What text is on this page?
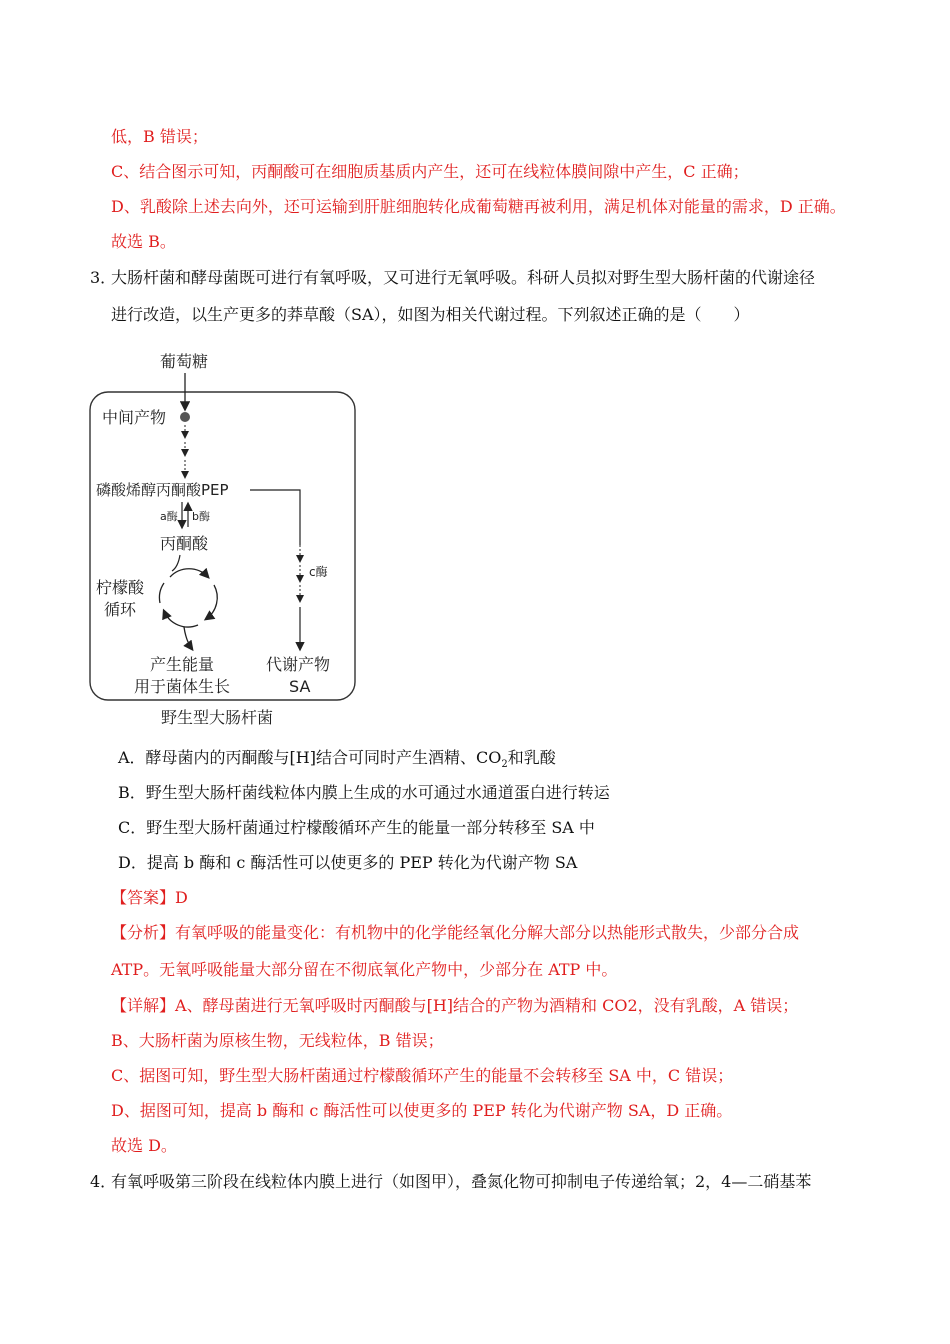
低，B 错误；
C、结合图示可知，丙酮酸可在细胞质基质内产生，还可在线粒体膜间隙中产生，C 正确；
D、乳酸除上述去向外，还可运输到肝脏细胞转化成葡萄糖再被利用，满足机体对能量的需求，D 正确。
故选 B。
3．
大肠杆菌和酵母菌既可进行有氧呼吸，又可进行无氧呼吸。科研人员拟对野生型大肠杆菌的代谢途径
进行改造，以生产更多的莽草酸（SA），如图为相关代谢过程。下列叙述正确的是（　　）
葡萄糖
中间产物
磷酸烯醇丙酮酸PEP
a酶 b酶
丙酮酸
柠檬酸
循环
c酶
产生能量
用于菌体生长
代谢产物
SA
野生型大肠杆菌
A．酵母菌内的丙酮酸与[H]结合可同时产生酒精、$CO_2$和乳酸
B．野生型大肠杆菌线粒体内膜上生成的水可通过水通道蛋白进行转运
C．野生型大肠杆菌通过柠檬酸循环产生的能量一部分转移至 SA 中
D．提高 b 酶和 c 酶活性可以使更多的 PEP 转化为代谢产物 SA
【答案】D
【分析】有氧呼吸的能量变化：有机物中的化学能经氧化分解大部分以热能形式散失，少部分合成
ATP。无氧呼吸能量大部分留在不彻底氧化产物中，少部分在 ATP 中。
【详解】A、酵母菌进行无氧呼吸时丙酮酸与[H]结合的产物为酒精和 CO2，没有乳酸，A 错误；
B、大肠杆菌为原核生物，无线粒体，B 错误；
C、据图可知，野生型大肠杆菌通过柠檬酸循环产生的能量不会转移至 SA 中，C 错误；
D、据图可知，提高 b 酶和 c 酶活性可以使更多的 PEP 转化为代谢产物 SA，D 正确。
故选 D。
4．
有氧呼吸第三阶段在线粒体内膜上进行（如图甲），叠氮化物可抑制电子传递给氧；2，4—二硝基苯
